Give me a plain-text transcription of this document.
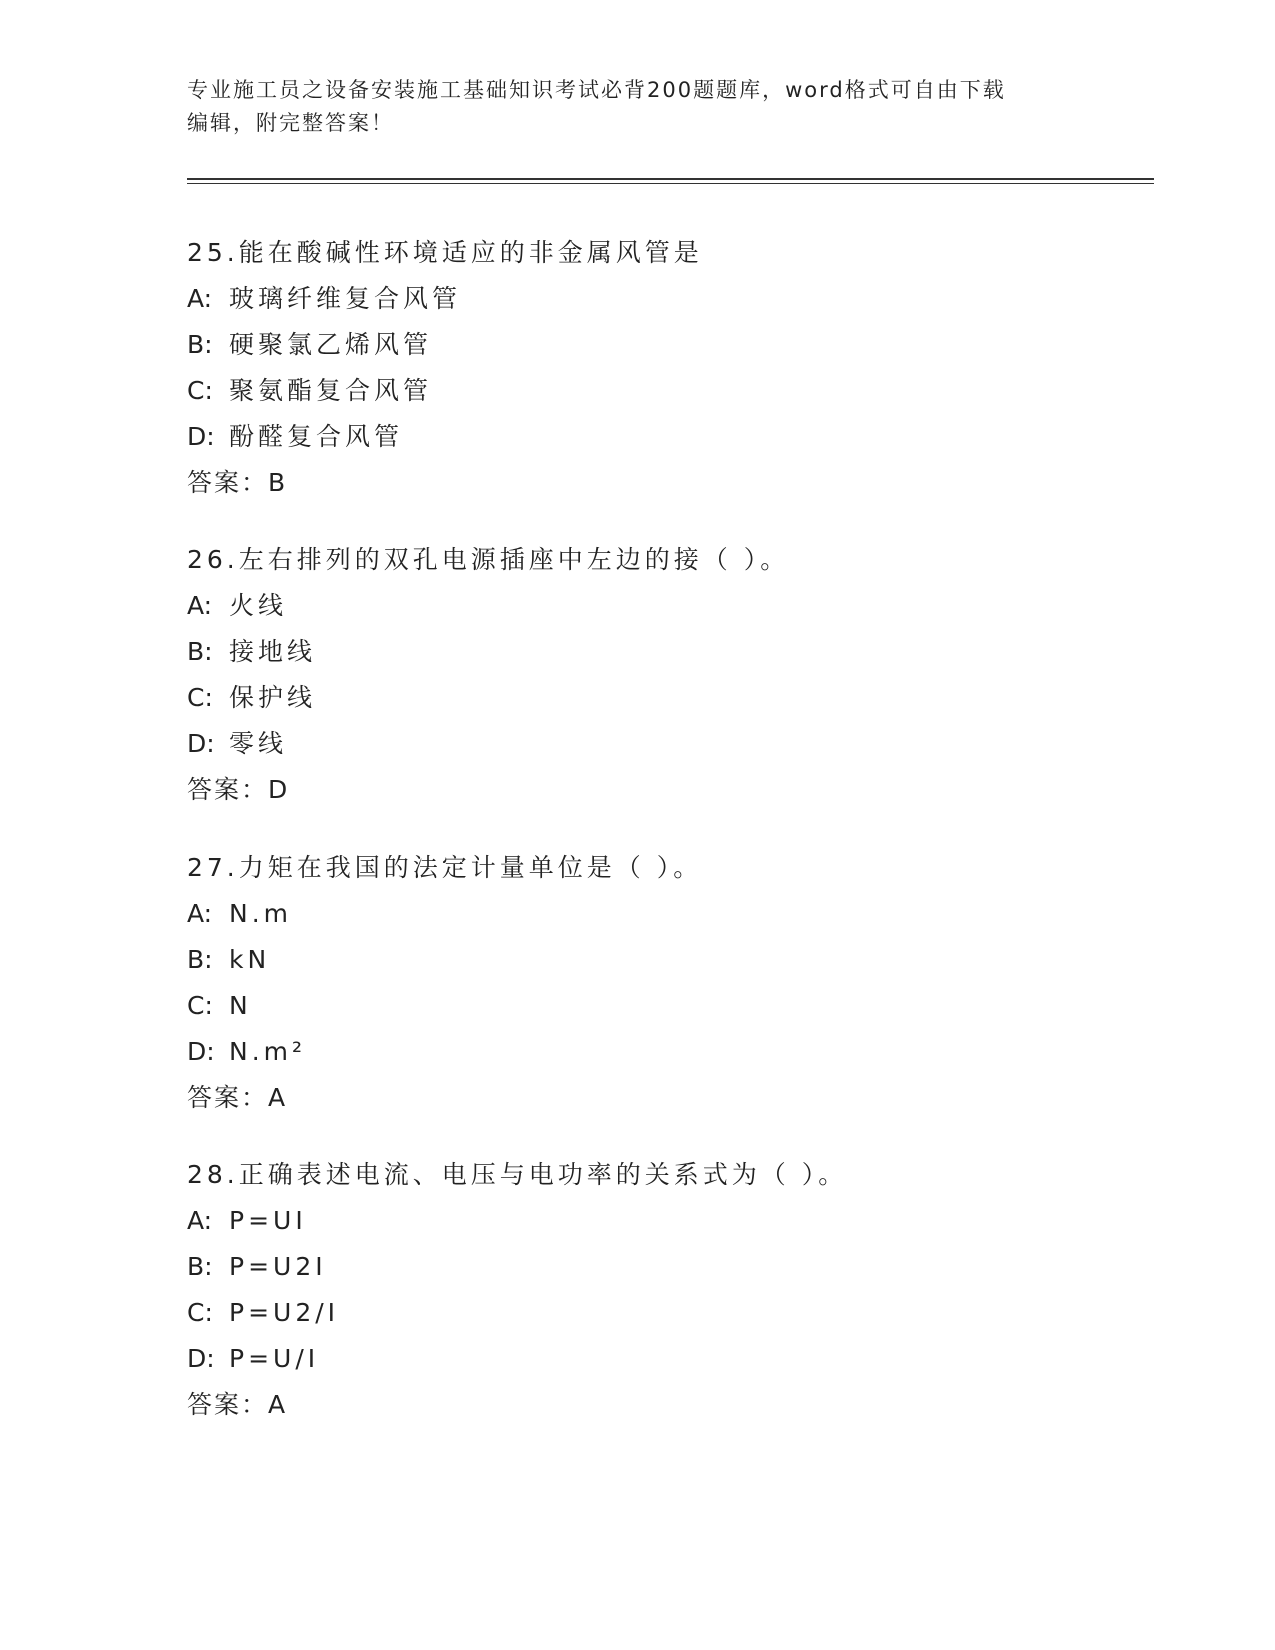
专业施工员之设备安装施工基础知识考试必背200题题库，word格式可自由下载
编辑，附完整答案！
25.能在酸碱性环境适应的非金属风管是
A: 玻璃纤维复合风管
B: 硬聚氯乙烯风管
C: 聚氨酯复合风管
D: 酚醛复合风管
答案：B
26.左右排列的双孔电源插座中左边的接（ ）。
A: 火线
B: 接地线
C: 保护线
D: 零线
答案：D
27.力矩在我国的法定计量单位是（ ）。
A: N.m
B: kN
C: N
D: N.m²
答案：A
28.正确表述电流、电压与电功率的关系式为（ ）。
A: P=UI
B: P=U2I
C: P=U2/I
D: P=U/I
答案：A
